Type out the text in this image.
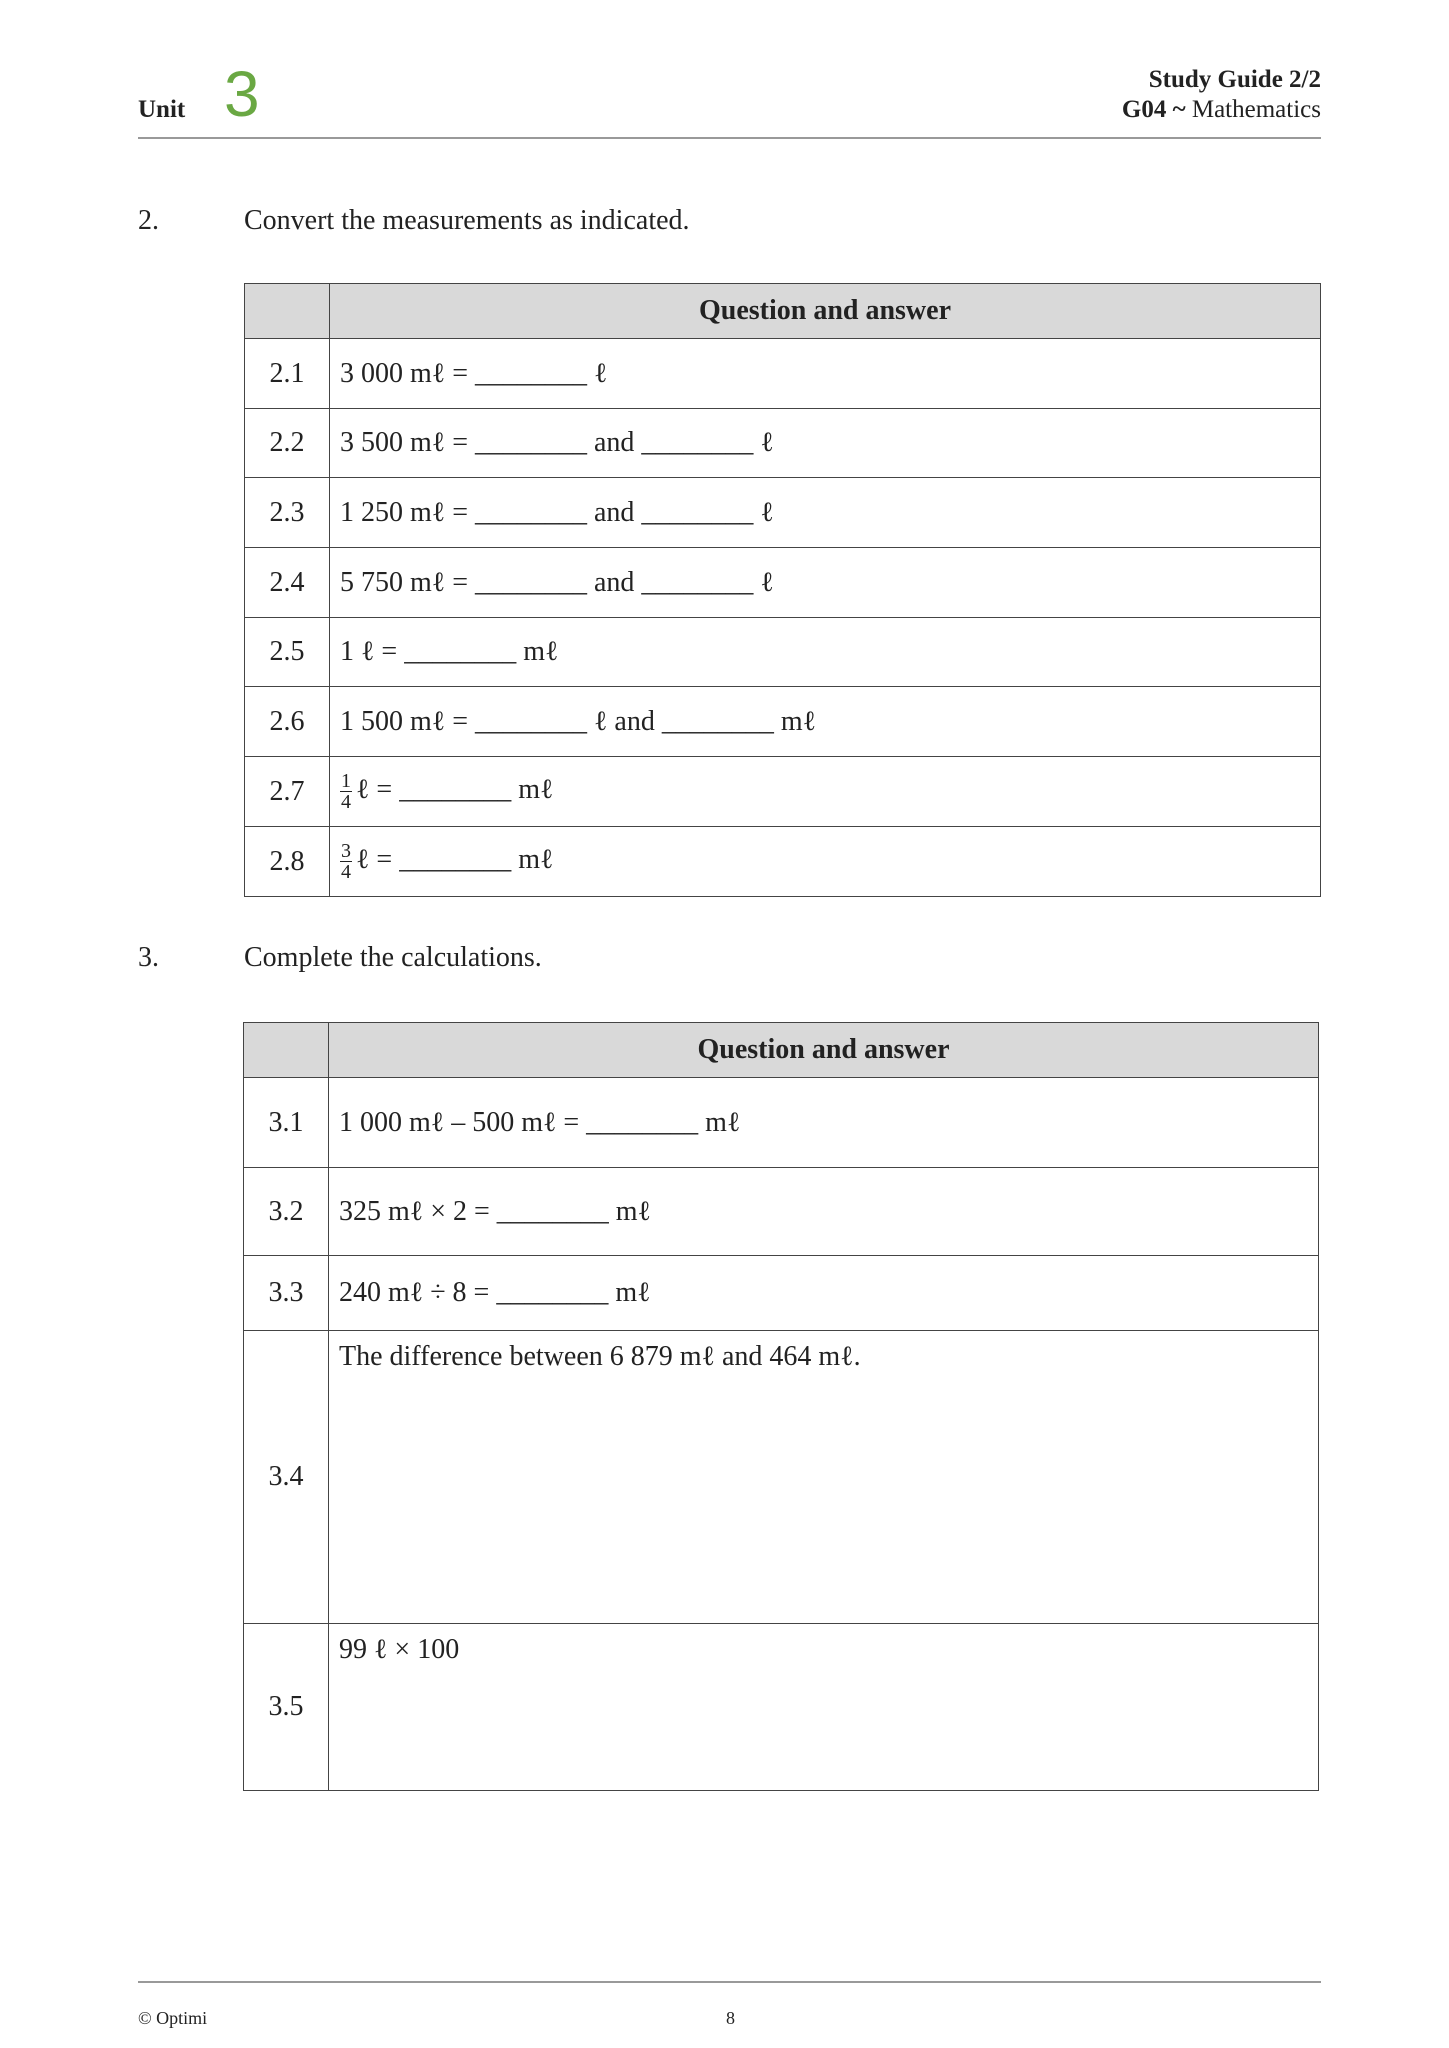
Unit 3	Study Guide 2/2
G04 ~ Mathematics
2.	Convert the measurements as indicated.
	Question and answer
2.1	3 000 mℓ = ________ ℓ
2.2	3 500 mℓ = ________ and ________ ℓ
2.3	1 250 mℓ = ________ and ________ ℓ
2.4	5 750 mℓ = ________ and ________ ℓ
2.5	1 ℓ = ________ mℓ
2.6	1 500 mℓ = ________ ℓ and ________ mℓ
2.7	$\frac{1}{4}$ ℓ = ________ mℓ
2.8	$\frac{3}{4}$ ℓ = ________ mℓ
3.	Complete the calculations.
	Question and answer
3.1	1 000 mℓ – 500 mℓ = ________ mℓ
3.2	325 mℓ × 2 = ________ mℓ
3.3	240 mℓ ÷ 8 = ________ mℓ
3.4	The difference between 6 879 mℓ and 464 mℓ.
3.5	99 ℓ × 100
© Optimi	8
